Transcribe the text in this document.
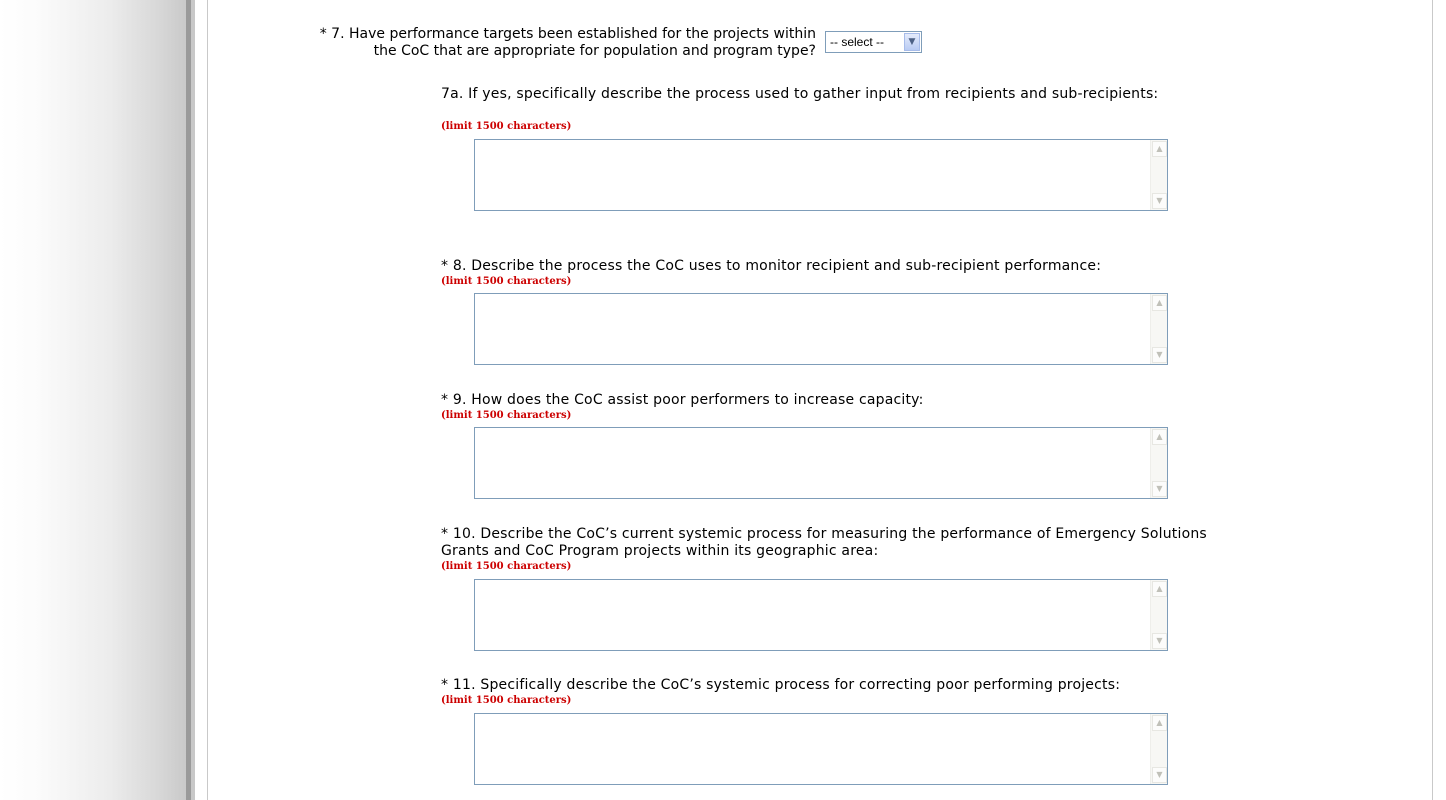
* 7. Have performance targets been established for the projects within
the CoC that are appropriate for population and program type?
-- select --	▼
7a. If yes, specifically describe the process used to gather input from recipients and sub-recipients:
(limit 1500 characters)
▲
▼
* 8. Describe the process the CoC uses to monitor recipient and sub-recipient performance:
(limit 1500 characters)
▲
▼
* 9. How does the CoC assist poor performers to increase capacity:
(limit 1500 characters)
▲
▼
* 10. Describe the CoC’s current systemic process for measuring the performance of Emergency Solutions Grants and CoC Program projects within its geographic area:
(limit 1500 characters)
▲
▼
* 11. Specifically describe the CoC’s systemic process for correcting poor performing projects:
(limit 1500 characters)
▲
▼
